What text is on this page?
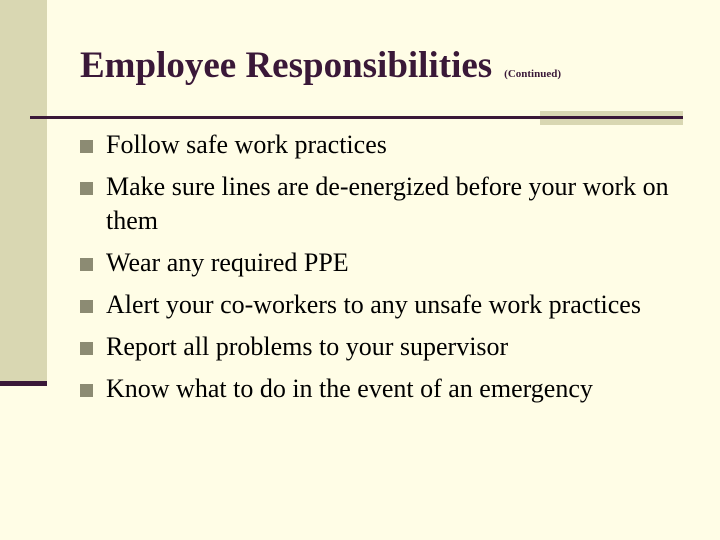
Employee Responsibilities (Continued)
Follow safe work practices
Make sure lines are de-energized before your work on them
Wear any required PPE
Alert your co-workers to any unsafe work practices
Report all problems to your supervisor
Know what to do in the event of an emergency
